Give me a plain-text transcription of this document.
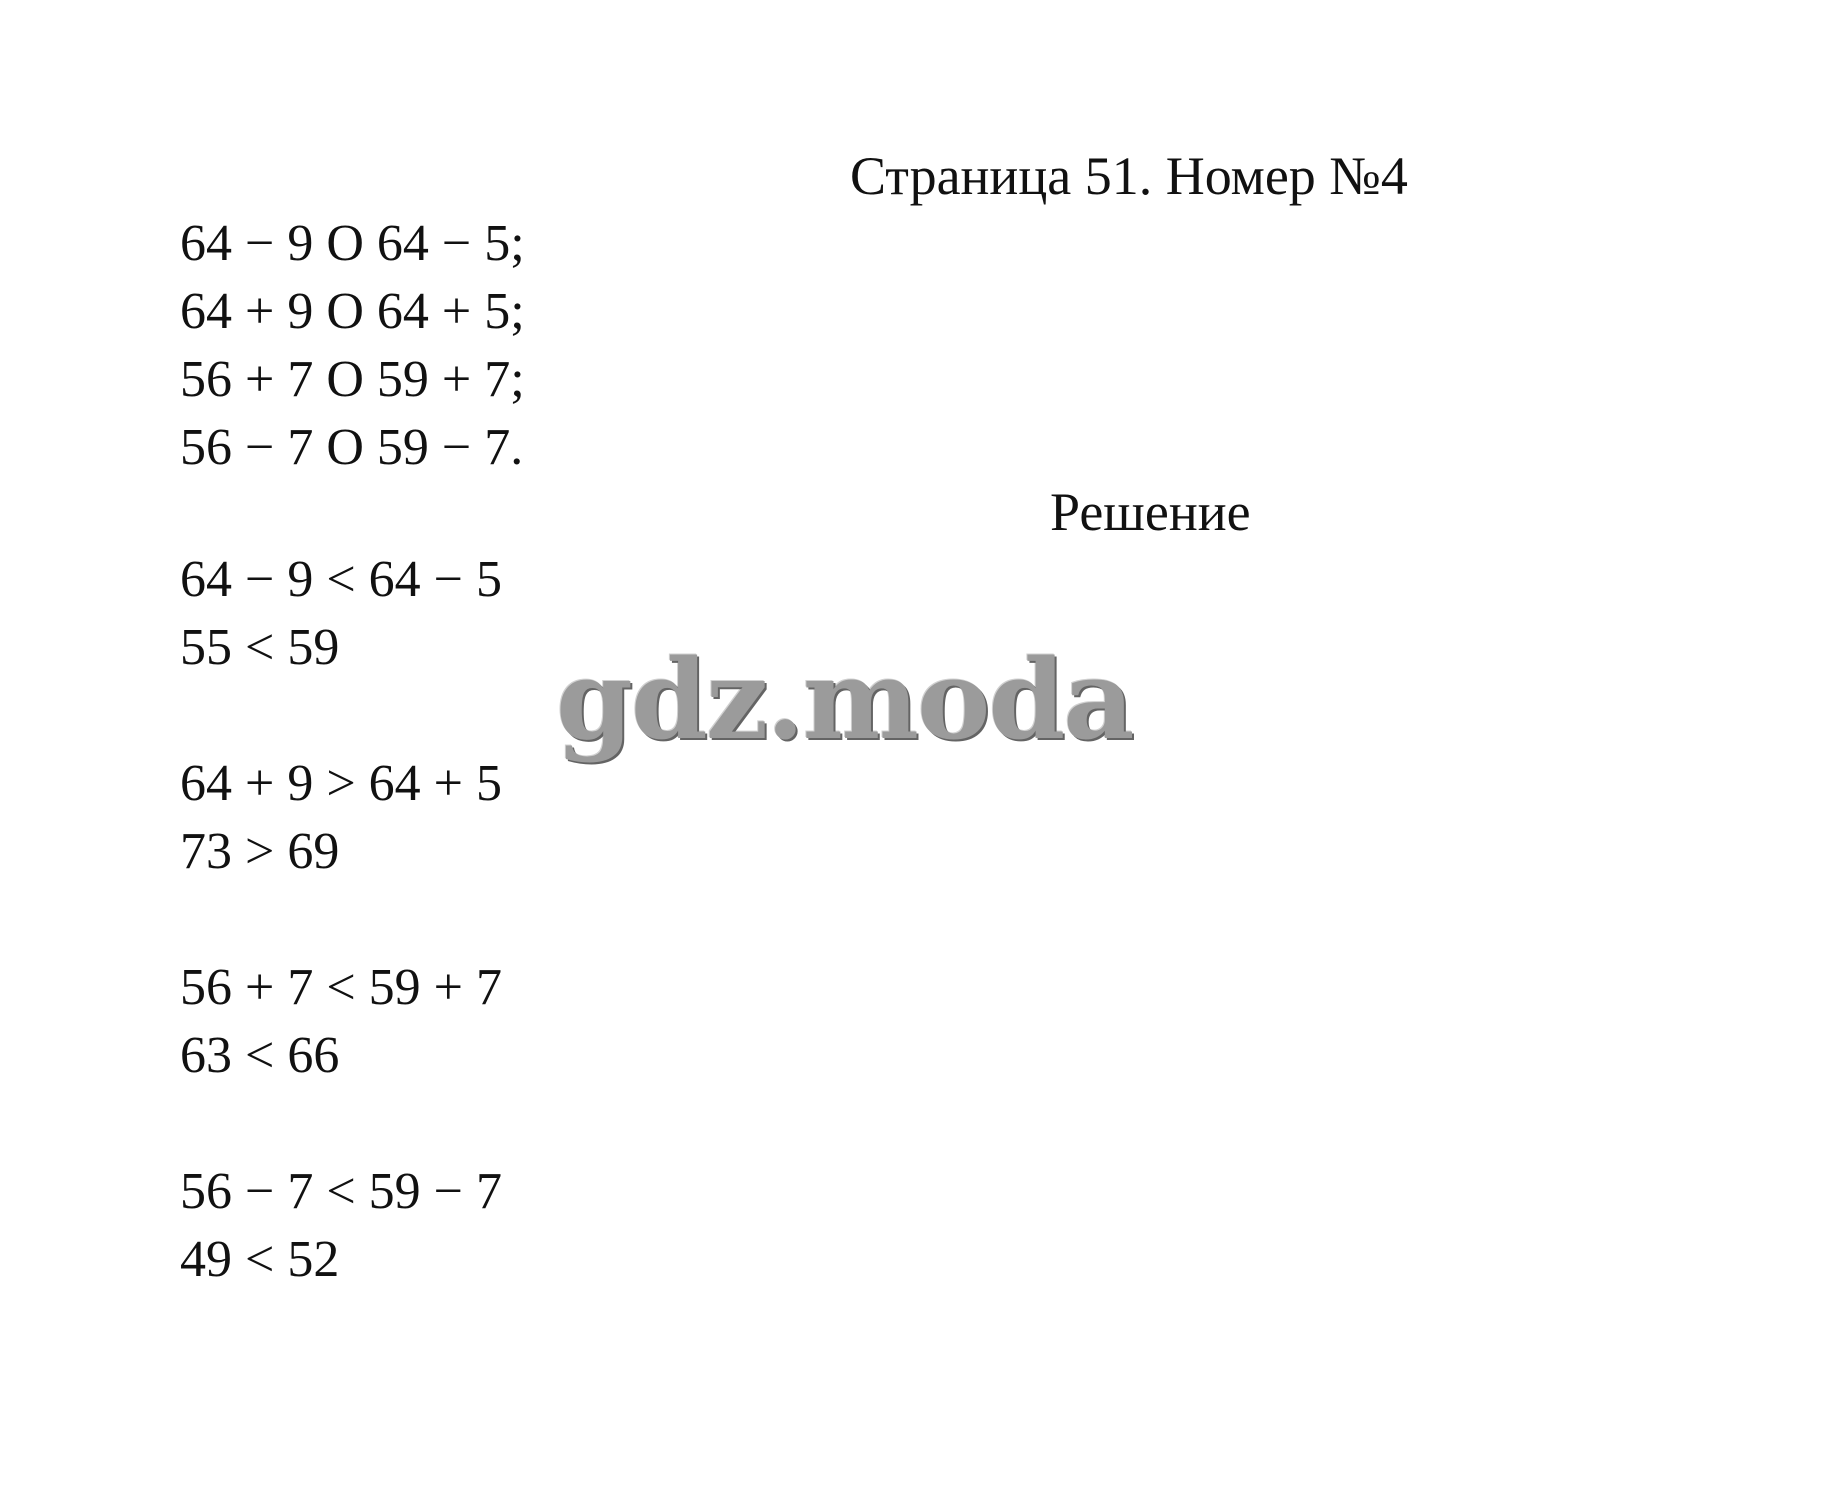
Страница 51. Номер №4
64 − 9 O 64 − 5;
64 + 9 O 64 + 5;
56 + 7 O 59 + 7;
56 − 7 O 59 − 7.
Решение
64 − 9 < 64 − 5
55 < 59
64 + 9 > 64 + 5
73 > 69
56 + 7 < 59 + 7
63 < 66
56 − 7 < 59 − 7
49 < 52
gdz.moda
